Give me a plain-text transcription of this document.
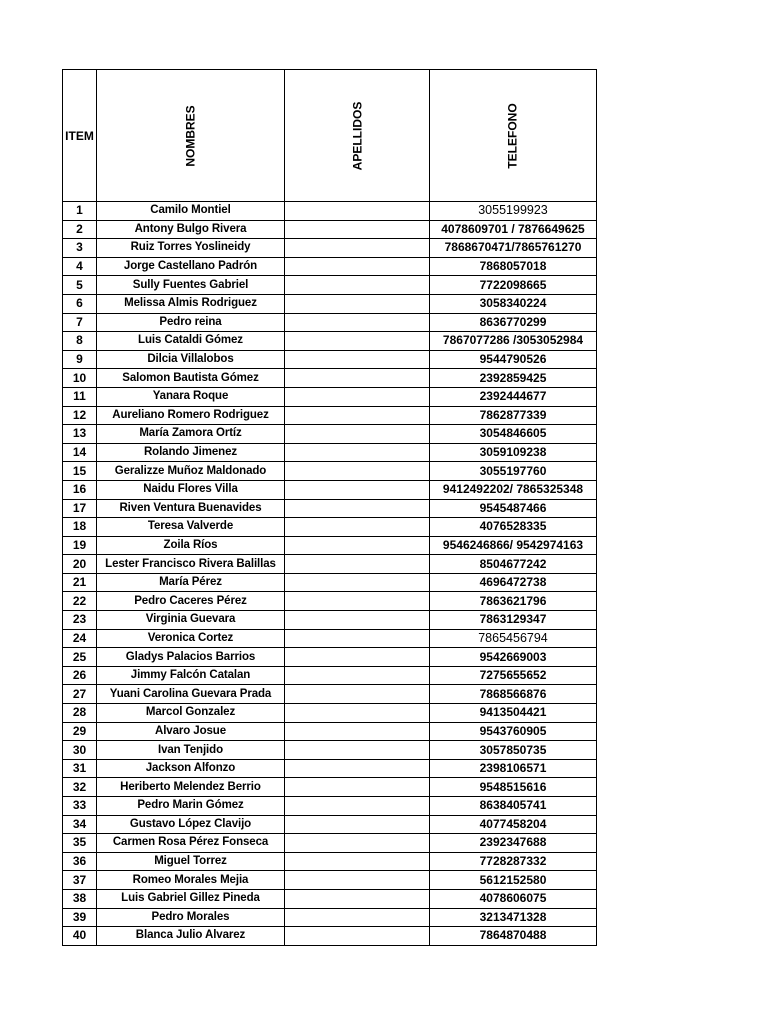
ITEM	NOMBRES	APELLIDOS	TELEFONO
1	Camilo Montiel		3055199923
2	Antony Bulgo Rivera		4078609701 / 7876649625
3	Ruiz Torres Yoslineidy		7868670471/7865761270
4	Jorge Castellano Padrón		7868057018
5	Sully Fuentes Gabriel		7722098665
6	Melissa Almis Rodriguez		3058340224
7	Pedro reina		8636770299
8	Luis Cataldi Gómez		7867077286 /3053052984
9	Dilcia Villalobos		9544790526
10	Salomon Bautista Gómez		2392859425
11	Yanara Roque		2392444677
12	Aureliano Romero Rodriguez		7862877339
13	María Zamora Ortíz		3054846605
14	Rolando Jimenez		3059109238
15	Geralizze Muñoz Maldonado		3055197760
16	Naidu Flores Villa		9412492202/ 7865325348
17	Riven Ventura Buenavides		9545487466
18	Teresa Valverde		4076528335
19	Zoila Ríos		9546246866/ 9542974163
20	Lester Francisco Rivera Balillas		8504677242
21	María Pérez		4696472738
22	Pedro Caceres Pérez		7863621796
23	Virginia Guevara		7863129347
24	Veronica Cortez		7865456794
25	Gladys Palacios Barrios		9542669003
26	Jimmy Falcón Catalan		7275655652
27	Yuani Carolina Guevara Prada		7868566876
28	Marcol Gonzalez		9413504421
29	Alvaro Josue		9543760905
30	Ivan Tenjido		3057850735
31	Jackson Alfonzo		2398106571
32	Heriberto Melendez Berrio		9548515616
33	Pedro Marin Gómez		8638405741
34	Gustavo López Clavijo		4077458204
35	Carmen Rosa Pérez Fonseca		2392347688
36	Miguel Torrez		7728287332
37	Romeo Morales Mejia		5612152580
38	Luis Gabriel Gillez Pineda		4078606075
39	Pedro Morales		3213471328
40	Blanca Julio Alvarez		7864870488
